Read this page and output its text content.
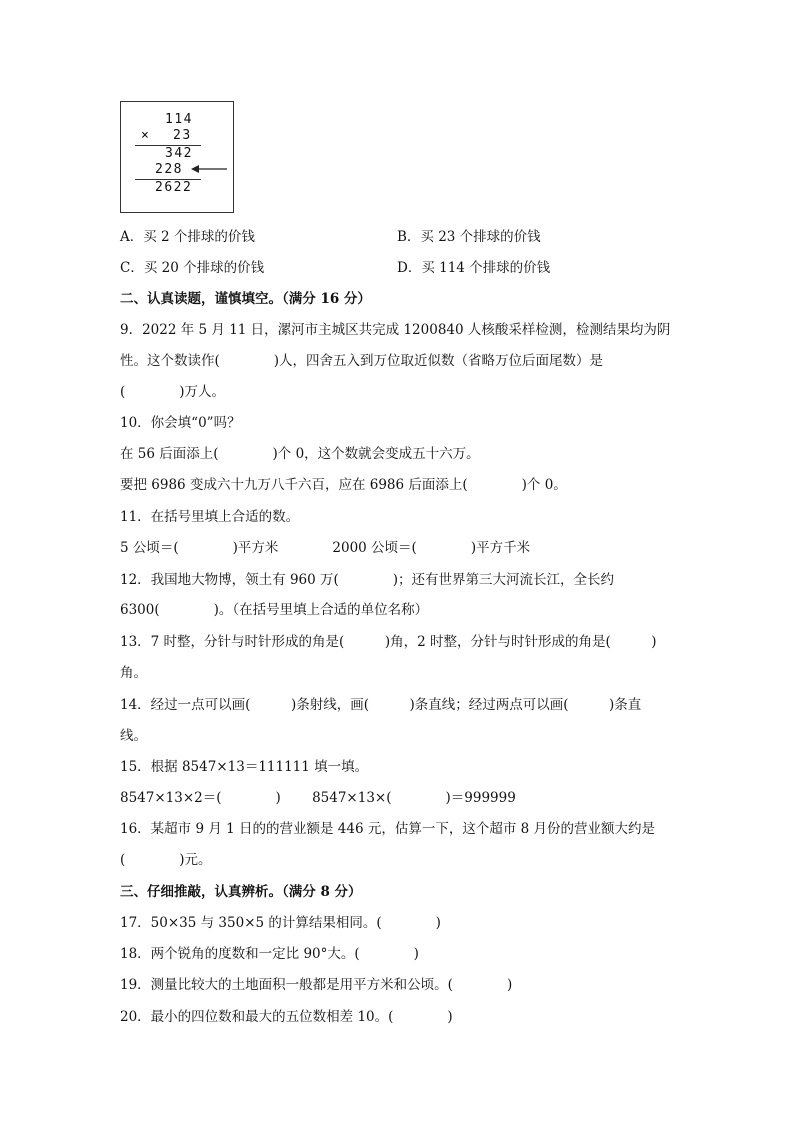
114
× 23
342
228
2622
A．买 2 个排球的价钱	B．买 23 个排球的价钱
C．买 20 个排球的价钱	D．买 114 个排球的价钱
二、认真读题，谨慎填空。（满分 16 分）
9．2022 年 5 月 11 日，漯河市主城区共完成 1200840 人核酸采样检测，检测结果均为阴
性。这个数读作(　　　　)人，四舍五入到万位取近似数（省略万位后面尾数）是
(　　　　)万人。
10．你会填“0”吗？
在 56 后面添上(　　　　)个 0，这个数就会变成五十六万。
要把 6986 变成六十九万八千六百，应在 6986 后面添上(　　　　)个 0。
11．在括号里填上合适的数。
5 公顷＝(　　　　)平方米　　　　2000 公顷＝(　　　　)平方千米
12．我国地大物博，领土有 960 万(　　　　)；还有世界第三大河流长江，全长约
6300(　　　　)。（在括号里填上合适的单位名称）
13．7 时整，分针与时针形成的角是(　　　)角，2 时整，分针与时针形成的角是(　　　)
角。
14．经过一点可以画(　　　)条射线，画(　　　)条直线；经过两点可以画(　　　)条直
线。
15．根据 8547×13＝111111 填一填。
8547×13×2＝(　　　　)　　 8547×13×(　　　　)＝999999
16．某超市 9 月 1 日的的营业额是 446 元，估算一下，这个超市 8 月份的营业额大约是
(　　　　)元。
三、仔细推敲，认真辨析。（满分 8 分）
17．50×35 与 350×5 的计算结果相同。(　　　　)
18．两个锐角的度数和一定比 90°大。(　　　　)
19．测量比较大的土地面积一般都是用平方米和公顷。(　　　　)
20．最小的四位数和最大的五位数相差 10。(　　　　)
